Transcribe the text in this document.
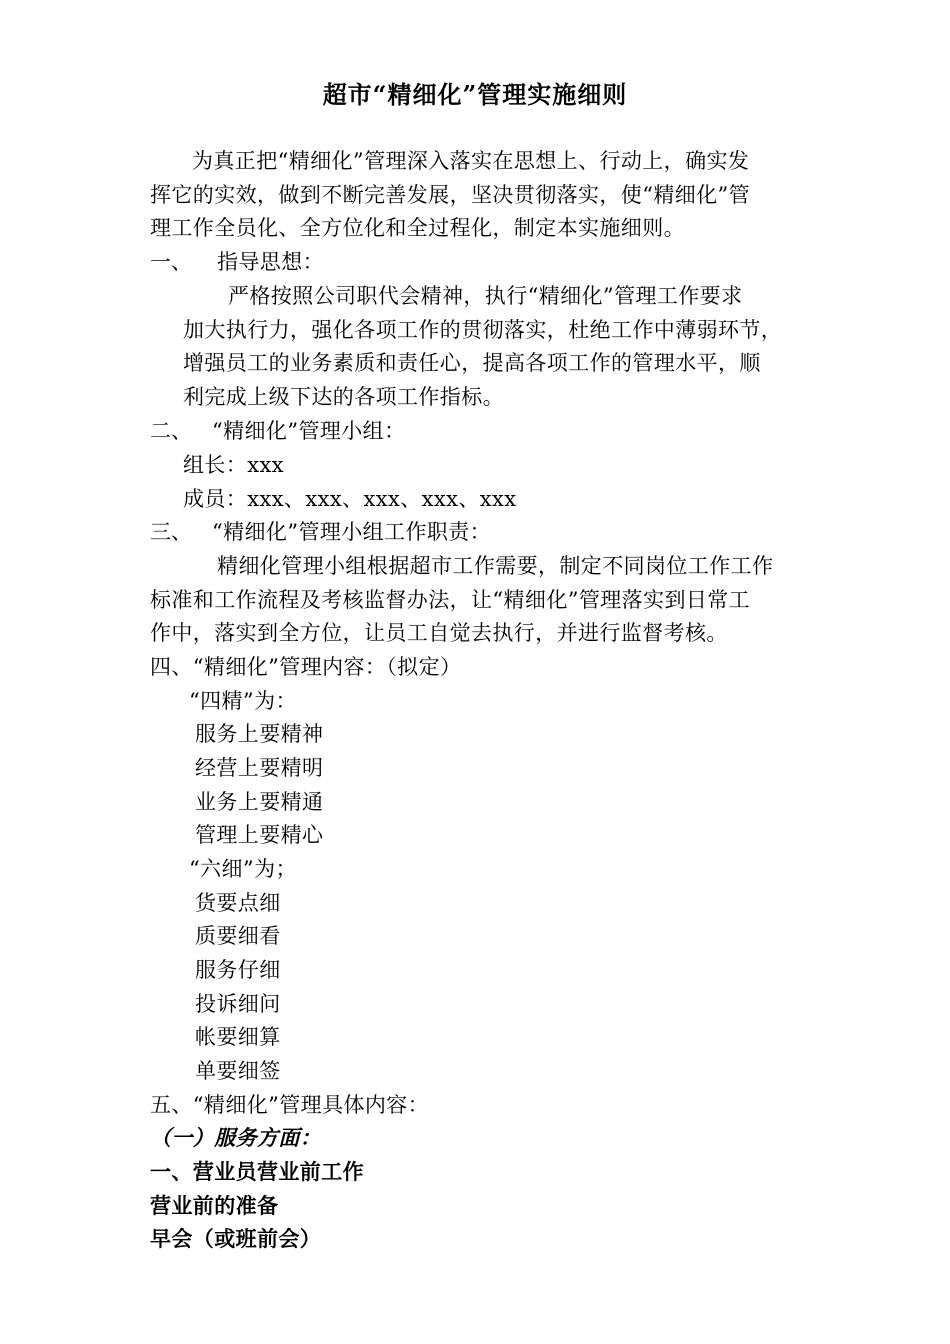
超市“精细化”管理实施细则
为真正把“精细化”管理深入落实在思想上、行动上，确实发
挥它的实效，做到不断完善发展，坚决贯彻落实，使“精细化”管
理工作全员化、全方位化和全过程化，制定本实施细则。
一、 指导思想：
严格按照公司职代会精神，执行“精细化”管理工作要求
加大执行力，强化各项工作的贯彻落实，杜绝工作中薄弱环节，
增强员工的业务素质和责任心，提高各项工作的管理水平，顺
利完成上级下达的各项工作指标。
二、 “精细化”管理小组：
组长：xxx
成员：xxx、xxx、xxx、xxx、xxx
三、 “精细化”管理小组工作职责：
精细化管理小组根据超市工作需要，制定不同岗位工作工作
标准和工作流程及考核监督办法，让“精细化”管理落实到日常工
作中，落实到全方位，让员工自觉去执行，并进行监督考核。
四、“精细化”管理内容：（拟定）
“四精”为：
服务上要精神
经营上要精明
业务上要精通
管理上要精心
“六细”为；
货要点细
质要细看
服务仔细
投诉细问
帐要细算
单要细签
五、“精细化”管理具体内容：
（一）服务方面：
一、营业员营业前工作
营业前的准备
早会（或班前会）
